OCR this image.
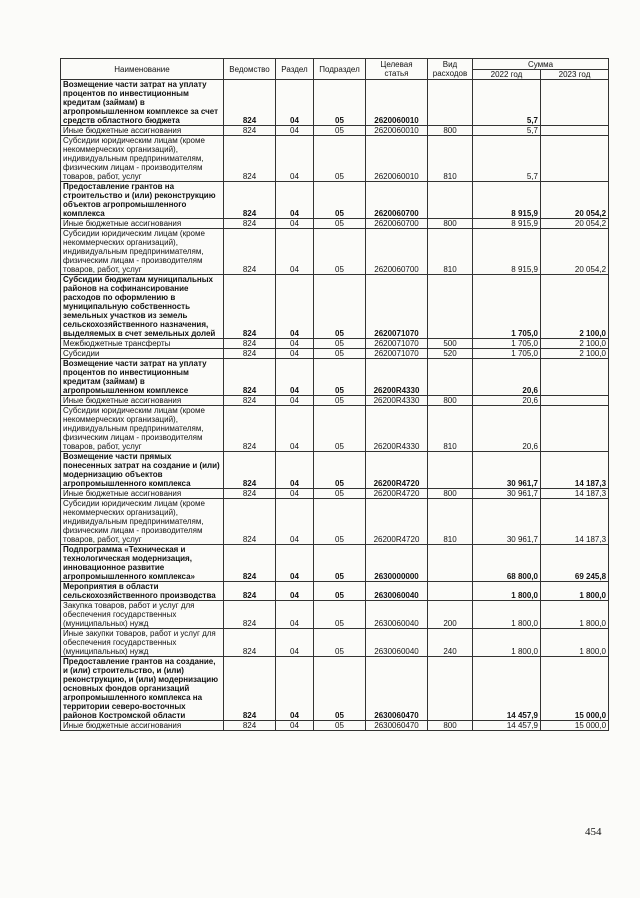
Наименование	Ведомство	Раздел	Подраздел	Целевая статья	Вид расходов	Сумма	
						2022 год	2023 год
Возмещение части затрат на уплату процентов по инвестиционным кредитам (займам) в агропромышленном комплексе за счет средств областного бюджета	824	04	05	2620060010		5,7	
Иные бюджетные ассигнования	824	04	05	2620060010	800	5,7	
Субсидии юридическим лицам (кроме некоммерческих организаций), индивидуальным предпринимателям, физическим лицам - производителям товаров, работ, услуг	824	04	05	2620060010	810	5,7	
Предоставление грантов на строительство и (или) реконструкцию объектов агропромышленного комплекса	824	04	05	2620060700		8 915,9	20 054,2
Иные бюджетные ассигнования	824	04	05	2620060700	800	8 915,9	20 054,2
Субсидии юридическим лицам (кроме некоммерческих организаций), индивидуальным предпринимателям, физическим лицам - производителям товаров, работ, услуг	824	04	05	2620060700	810	8 915,9	20 054,2
Субсидии бюджетам муниципальных районов на софинансирование расходов по оформлению в муниципальную собственность земельных участков из земель сельскохозяйственного назначения, выделяемых в счет земельных долей	824	04	05	2620071070		1 705,0	2 100,0
Межбюджетные трансферты	824	04	05	2620071070	500	1 705,0	2 100,0
Субсидии	824	04	05	2620071070	520	1 705,0	2 100,0
Возмещение части затрат на уплату процентов по инвестиционным кредитам (займам) в агропромышленном комплексе	824	04	05	26200R4330		20,6	
Иные бюджетные ассигнования	824	04	05	26200R4330	800	20,6	
Субсидии юридическим лицам (кроме некоммерческих организаций), индивидуальным предпринимателям, физическим лицам - производителям товаров, работ, услуг	824	04	05	26200R4330	810	20,6	
Возмещение части прямых понесенных затрат на создание и (или) модернизацию объектов агропромышленного комплекса	824	04	05	26200R4720		30 961,7	14 187,3
Иные бюджетные ассигнования	824	04	05	26200R4720	800	30 961,7	14 187,3
Субсидии юридическим лицам (кроме некоммерческих организаций), индивидуальным предпринимателям, физическим лицам - производителям товаров, работ, услуг	824	04	05	26200R4720	810	30 961,7	14 187,3
Подпрограмма «Техническая и технологическая модернизация, инновационное развитие агропромышленного комплекса»	824	04	05	2630000000		68 800,0	69 245,8
Мероприятия в области сельскохозяйственного производства	824	04	05	2630060040		1 800,0	1 800,0
Закупка товаров, работ и услуг для обеспечения государственных (муниципальных) нужд	824	04	05	2630060040	200	1 800,0	1 800,0
Иные закупки товаров, работ и услуг для обеспечения государственных (муниципальных) нужд	824	04	05	2630060040	240	1 800,0	1 800,0
Предоставление грантов на создание, и (или) строительство, и (или) реконструкцию, и (или) модернизацию основных фондов организаций агропромышленного комплекса на территории северо-восточных районов Костромской области	824	04	05	2630060470		14 457,9	15 000,0
Иные бюджетные ассигнования	824	04	05	2630060470	800	14 457,9	15 000,0
454
